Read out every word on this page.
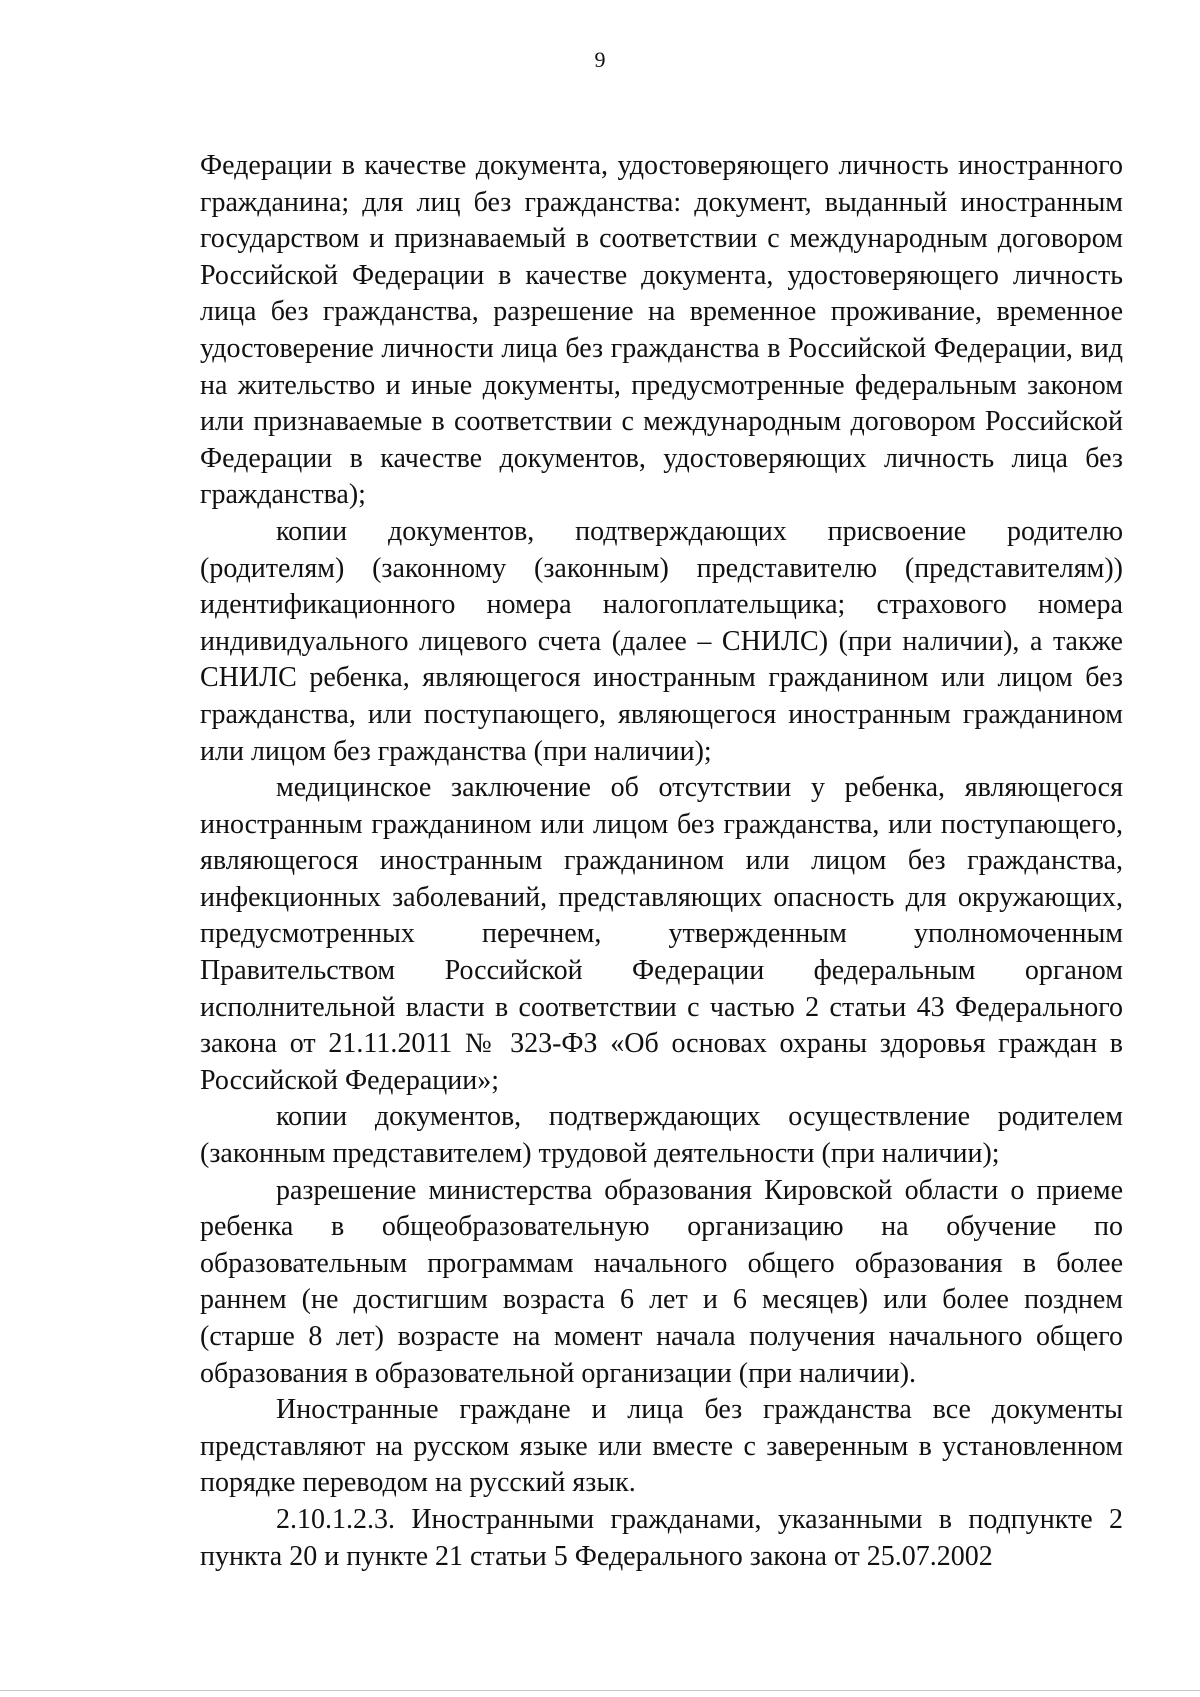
9

Федерации в качестве документа, удостоверяющего личность иностранного гражданина; для лиц без гражданства: документ, выданный иностранным государством и признаваемый в соответствии с международным договором Российской Федерации в качестве документа, удостоверяющего личность лица без гражданства, разрешение на временное проживание, временное удостоверение личности лица без гражданства в Российской Федерации, вид на жительство и иные документы, предусмотренные федеральным законом или признаваемые в соответствии с международным договором Российской Федерации в качестве документов, удостоверяющих личность лица без гражданства);

копии документов, подтверждающих присвоение родителю (родителям) (законному (законным) представителю (представителям)) идентификационного номера налогоплательщика; страхового номера индивидуального лицевого счета (далее – СНИЛС) (при наличии), а также СНИЛС ребенка, являющегося иностранным гражданином или лицом без гражданства, или поступающего, являющегося иностранным гражданином или лицом без гражданства (при наличии);

медицинское заключение об отсутствии у ребенка, являющегося иностранным гражданином или лицом без гражданства, или поступающего, являющегося иностранным гражданином или лицом без гражданства, инфекционных заболеваний, представляющих опасность для окружающих, предусмотренных перечнем, утвержденным уполномоченным Правительством Российской Федерации федеральным органом исполнительной власти в соответствии с частью 2 статьи 43 Федерального закона от 21.11.2011 № 323-ФЗ «Об основах охраны здоровья граждан в Российской Федерации»;

копии документов, подтверждающих осуществление родителем (законным представителем) трудовой деятельности (при наличии);

разрешение министерства образования Кировской области о приеме ребенка в общеобразовательную организацию на обучение по образовательным программам начального общего образования в более раннем (не достигшим возраста 6 лет и 6 месяцев) или более позднем (старше 8 лет) возрасте на момент начала получения начального общего образования в образовательной организации (при наличии).

Иностранные граждане и лица без гражданства все документы представляют на русском языке или вместе с заверенным в установленном порядке переводом на русский язык.

2.10.1.2.3. Иностранными гражданами, указанными в подпункте 2 пункта 20 и пункте 21 статьи 5 Федерального закона от 25.07.2002
